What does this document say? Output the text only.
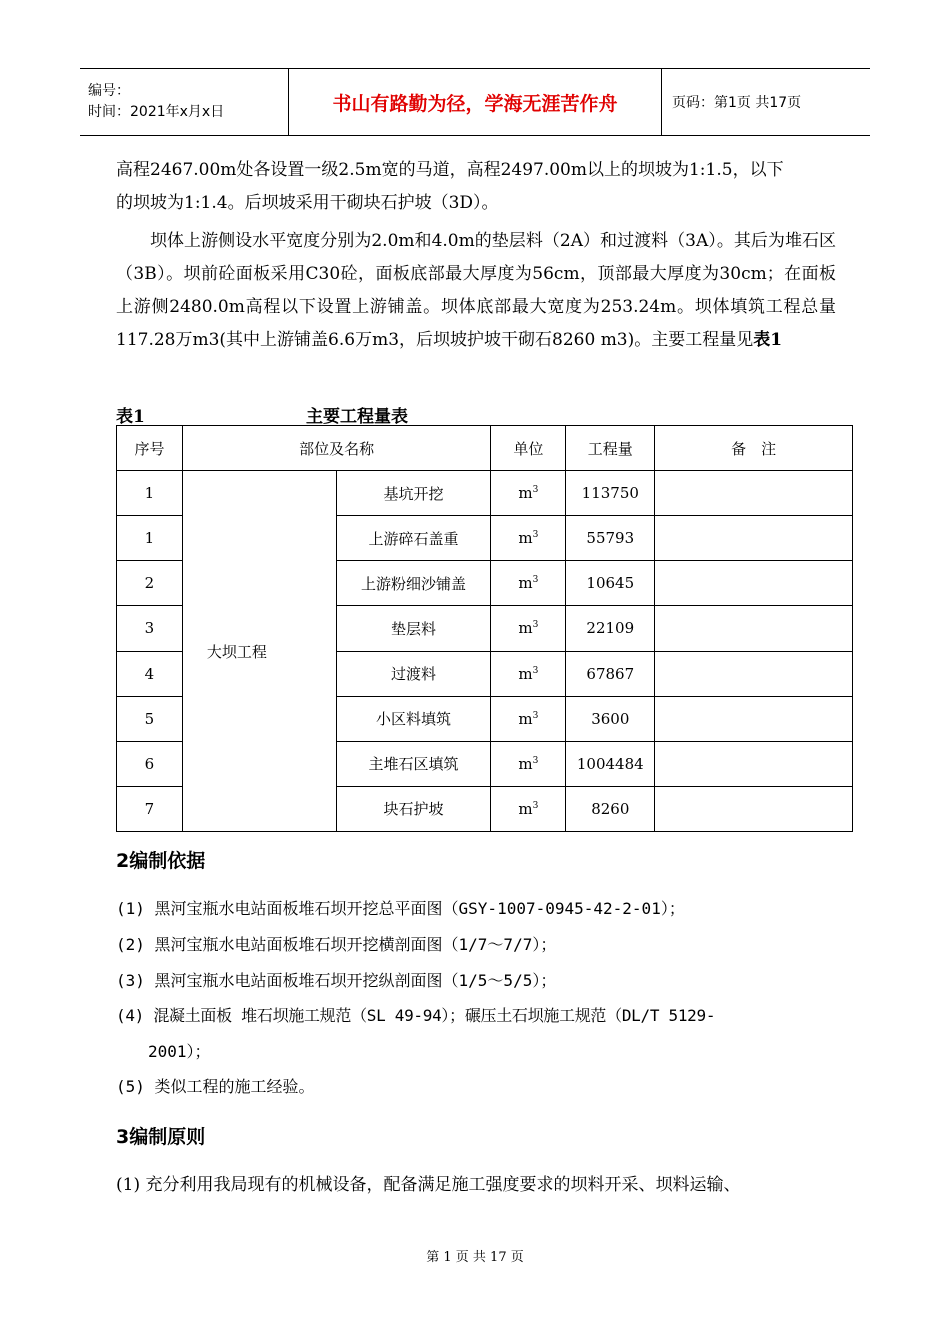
编号：
时间：2021年x月x日	书山有路勤为径，学海无涯苦作舟	页码：第1页 共17页

高程2467.00m处各设置一级2.5m宽的马道，高程2497.00m以上的坝坡为1:1.5，以下

的坝坡为1:1.4。后坝坡采用干砌块石护坡（3D）。

坝体上游侧设水平宽度分别为2.0m和4.0m的垫层料（2A）和过渡料（3A）。其后为堆石区（3B）。坝前砼面板采用C30砼，面板底部最大厚度为56cm，顶部最大厚度为30cm；在面板上游侧2480.0m高程以下设置上游铺盖。坝体底部最大宽度为253.24m。坝体填筑工程总量117.28万m3(其中上游铺盖6.6万m3，后坝坡护坡干砌石8260 m3)。主要工程量见表1

表1	主要工程量表
序号	部位及名称		单位	工程量	备　注
1	大坝工程	基坑开挖	$m^3$	113750	
1		上游碎石盖重	$m^3$	55793	
2		上游粉细沙铺盖	$m^3$	10645	
3		垫层料	$m^3$	22109	
4		过渡料	$m^3$	67867	
5		小区料填筑	$m^3$	3600	
6		主堆石区填筑	$m^3$	1004484	
7		块石护坡	$m^3$	8260	
2编制依据

(1) 黑河宝瓶水电站面板堆石坝开挖总平面图（GSY-1007-0945-42-2-01）；

(2) 黑河宝瓶水电站面板堆石坝开挖横剖面图（1/7～7/7）；

(3) 黑河宝瓶水电站面板堆石坝开挖纵剖面图（1/5～5/5）；

(4) 混凝土面板 堆石坝施工规范（SL 49-94）；碾压土石坝施工规范（DL/T 5129-

2001）；

(5) 类似工程的施工经验。

3编制原则

(1) 充分利用我局现有的机械设备，配备满足施工强度要求的坝料开采、坝料运输、

第 1 页 共 17 页
